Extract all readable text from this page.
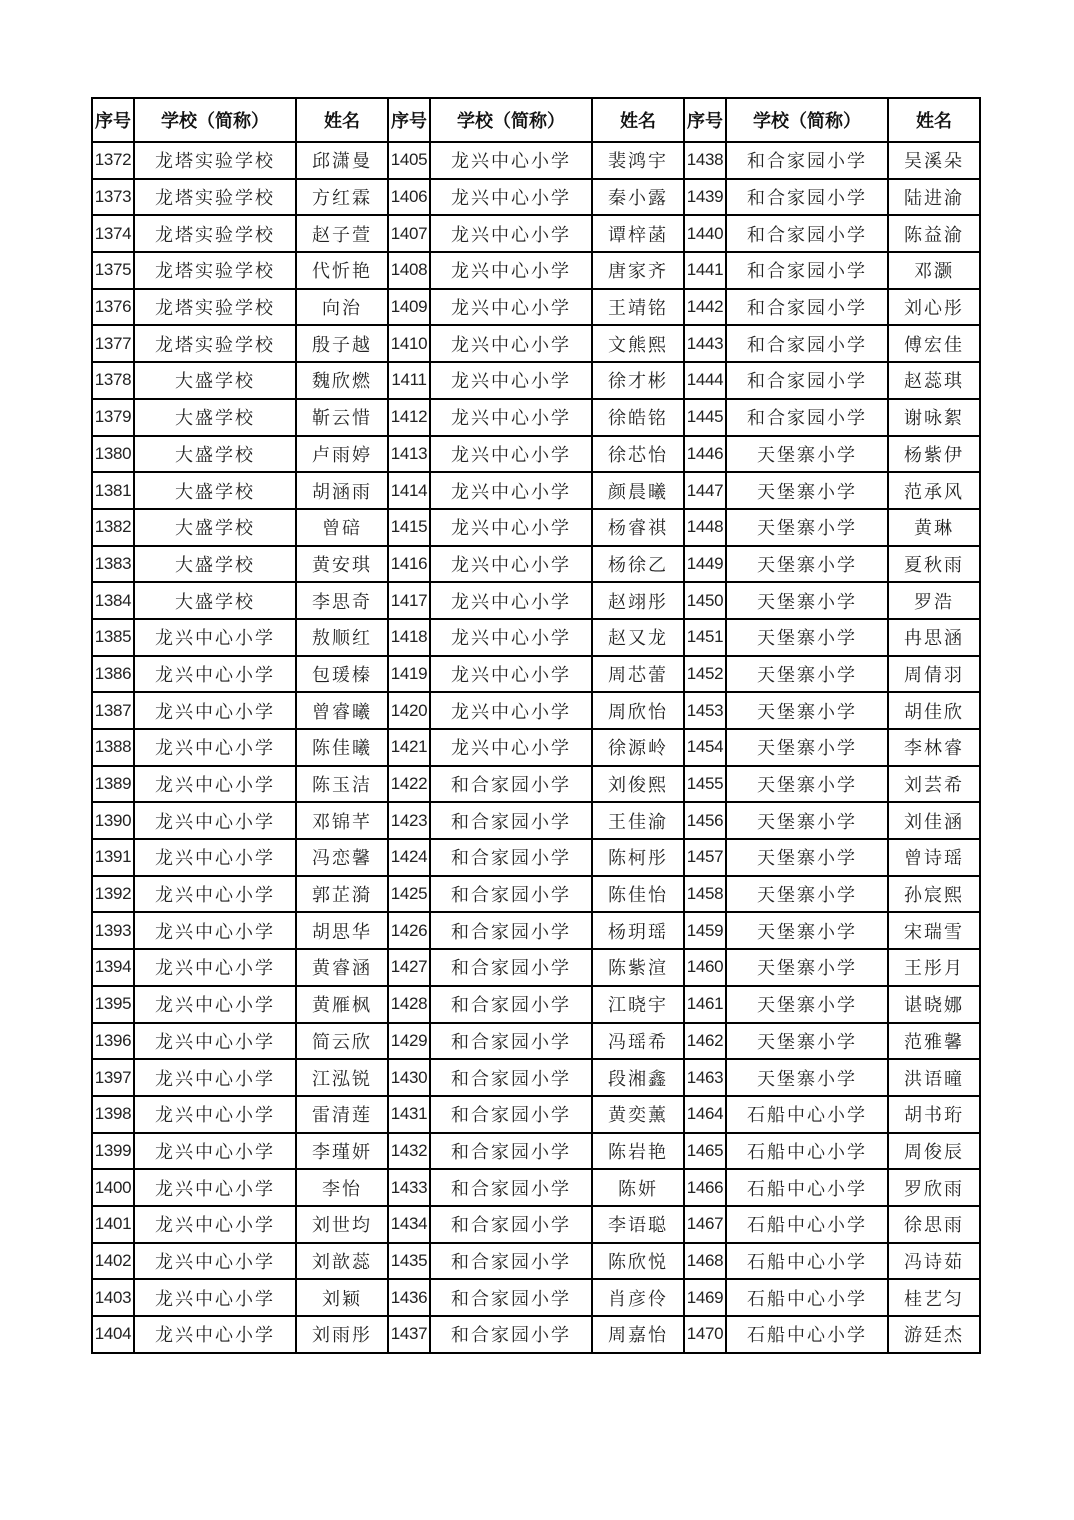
序号	学校（简称）	姓名	序号	学校（简称）	姓名	序号	学校（简称）	姓名
1372	龙塔实验学校	邱潇曼	1405	龙兴中心小学	裴鸿宇	1438	和合家园小学	吴溪朵
1373	龙塔实验学校	方红霖	1406	龙兴中心小学	秦小露	1439	和合家园小学	陆进渝
1374	龙塔实验学校	赵子萱	1407	龙兴中心小学	谭梓菡	1440	和合家园小学	陈益渝
1375	龙塔实验学校	代忻艳	1408	龙兴中心小学	唐家齐	1441	和合家园小学	邓灏
1376	龙塔实验学校	向治	1409	龙兴中心小学	王靖铭	1442	和合家园小学	刘心彤
1377	龙塔实验学校	殷子越	1410	龙兴中心小学	文熊熙	1443	和合家园小学	傅宏佳
1378	大盛学校	魏欣燃	1411	龙兴中心小学	徐才彬	1444	和合家园小学	赵蕊琪
1379	大盛学校	靳云惜	1412	龙兴中心小学	徐皓铭	1445	和合家园小学	谢咏絮
1380	大盛学校	卢雨婷	1413	龙兴中心小学	徐芯怡	1446	天堡寨小学	杨紫伊
1381	大盛学校	胡涵雨	1414	龙兴中心小学	颜晨曦	1447	天堡寨小学	范承风
1382	大盛学校	曾碚	1415	龙兴中心小学	杨睿祺	1448	天堡寨小学	黄琳
1383	大盛学校	黄安琪	1416	龙兴中心小学	杨徐乙	1449	天堡寨小学	夏秋雨
1384	大盛学校	李思奇	1417	龙兴中心小学	赵翊彤	1450	天堡寨小学	罗浩
1385	龙兴中心小学	敖顺红	1418	龙兴中心小学	赵又龙	1451	天堡寨小学	冉思涵
1386	龙兴中心小学	包瑗榛	1419	龙兴中心小学	周芯蕾	1452	天堡寨小学	周倩羽
1387	龙兴中心小学	曾睿曦	1420	龙兴中心小学	周欣怡	1453	天堡寨小学	胡佳欣
1388	龙兴中心小学	陈佳曦	1421	龙兴中心小学	徐源岭	1454	天堡寨小学	李林睿
1389	龙兴中心小学	陈玉洁	1422	和合家园小学	刘俊熙	1455	天堡寨小学	刘芸希
1390	龙兴中心小学	邓锦芊	1423	和合家园小学	王佳渝	1456	天堡寨小学	刘佳涵
1391	龙兴中心小学	冯恋馨	1424	和合家园小学	陈柯彤	1457	天堡寨小学	曾诗瑶
1392	龙兴中心小学	郭芷漪	1425	和合家园小学	陈佳怡	1458	天堡寨小学	孙宸熙
1393	龙兴中心小学	胡思华	1426	和合家园小学	杨玥瑶	1459	天堡寨小学	宋瑞雪
1394	龙兴中心小学	黄睿涵	1427	和合家园小学	陈紫渲	1460	天堡寨小学	王彤月
1395	龙兴中心小学	黄雁枫	1428	和合家园小学	江晓宇	1461	天堡寨小学	谌晓娜
1396	龙兴中心小学	简云欣	1429	和合家园小学	冯瑶希	1462	天堡寨小学	范雅馨
1397	龙兴中心小学	江泓锐	1430	和合家园小学	段湘鑫	1463	天堡寨小学	洪语曈
1398	龙兴中心小学	雷清莲	1431	和合家园小学	黄奕薰	1464	石船中心小学	胡书珩
1399	龙兴中心小学	李瑾妍	1432	和合家园小学	陈岩艳	1465	石船中心小学	周俊辰
1400	龙兴中心小学	李怡	1433	和合家园小学	陈妍	1466	石船中心小学	罗欣雨
1401	龙兴中心小学	刘世均	1434	和合家园小学	李语聪	1467	石船中心小学	徐思雨
1402	龙兴中心小学	刘歆蕊	1435	和合家园小学	陈欣悦	1468	石船中心小学	冯诗茹
1403	龙兴中心小学	刘颖	1436	和合家园小学	肖彦伶	1469	石船中心小学	桂艺匀
1404	龙兴中心小学	刘雨彤	1437	和合家园小学	周嘉怡	1470	石船中心小学	游廷杰
